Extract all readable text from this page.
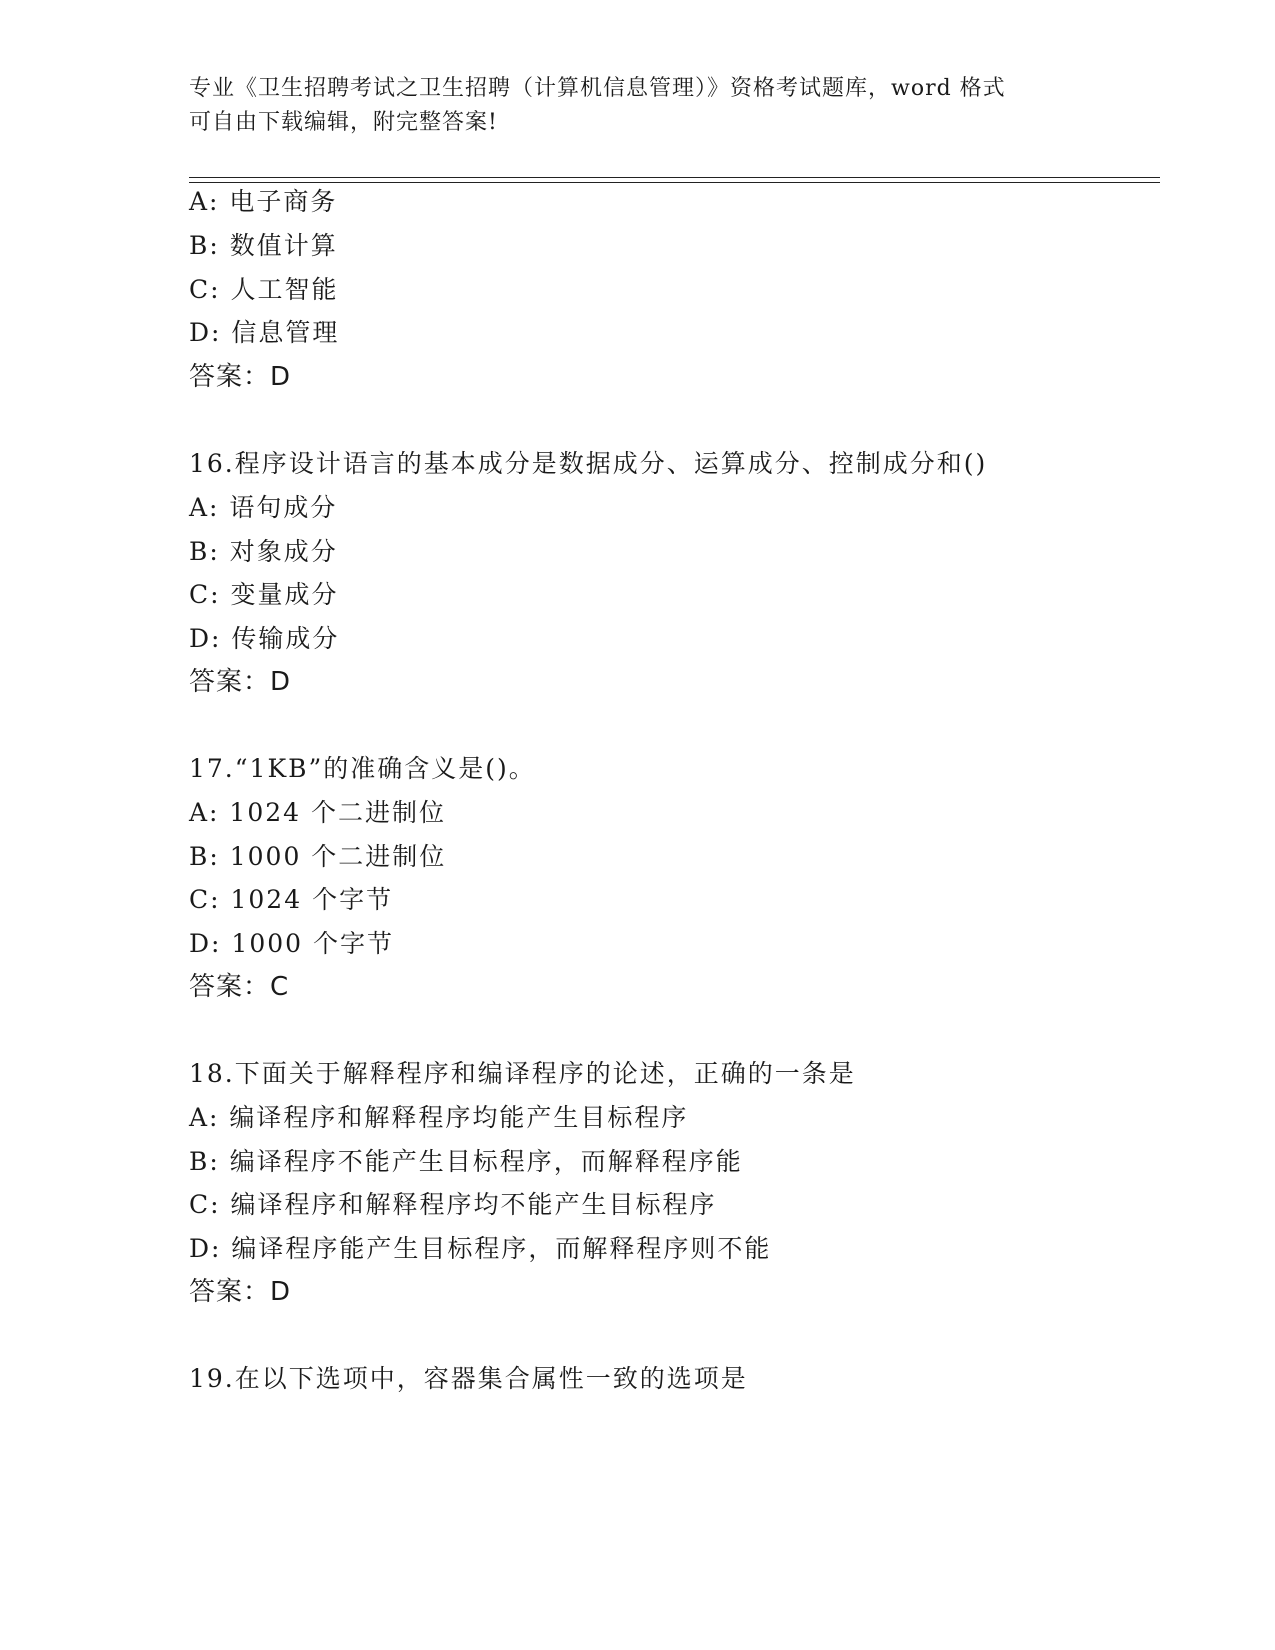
专业《卫生招聘考试之卫生招聘（计算机信息管理）》资格考试题库，word 格式
可自由下载编辑，附完整答案!
A: 电子商务
B: 数值计算
C: 人工智能
D: 信息管理
答案：D
16.程序设计语言的基本成分是数据成分、运算成分、控制成分和()
A: 语句成分
B: 对象成分
C: 变量成分
D: 传输成分
答案：D
17.“1KB”的准确含义是()。
A: 1024 个二进制位
B: 1000 个二进制位
C: 1024 个字节
D: 1000 个字节
答案：C
18.下面关于解释程序和编译程序的论述，正确的一条是
A: 编译程序和解释程序均能产生目标程序
B: 编译程序不能产生目标程序，而解释程序能
C: 编译程序和解释程序均不能产生目标程序
D: 编译程序能产生目标程序，而解释程序则不能
答案：D
19.在以下选项中，容器集合属性一致的选项是
